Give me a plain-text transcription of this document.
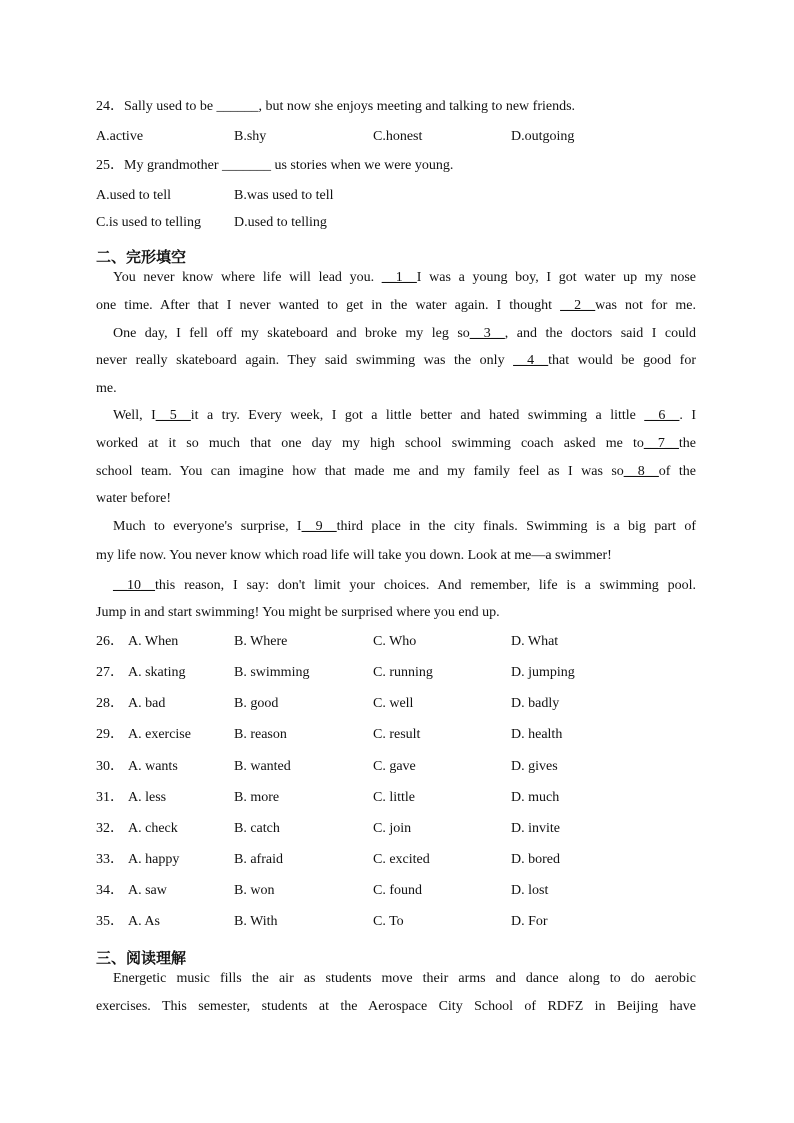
24．Sally used to be ______, but now she enjoys meeting and talking to new friends.
A.active	B.shy	C.honest	D.outgoing
25．My grandmother _______ us stories when we were young.
A.used to tell	B.was used to tell
C.is used to telling D.used to telling
二、完形填空
You never know where life will lead you. __1__I was a young boy, I got water up my nose
one time. After that I never wanted to get in the water again. I thought __2__was not for me.
One day, I fell off my skateboard and broke my leg so__3__, and the doctors said I could
never really skateboard again. They said swimming was the only __4__that would be good for
me.
Well, I__5__it a try. Every week, I got a little better and hated swimming a little __6__. I
worked at it so much that one day my high school swimming coach asked me to__7__the
school team. You can imagine how that made me and my family feel as I was so__8__of the
water before!
Much to everyone's surprise, I__9__third place in the city finals. Swimming is a big part of
my life now. You never know which road life will take you down. Look at me—a swimmer!
__10__this reason, I say: don't limit your choices. And remember, life is a swimming pool.
Jump in and start swimming! You might be surprised where you end up.
26． A. When	B. Where	C. Who	D. What
27． A. skating	B. swimming	C. running	D. jumping
28． A. bad	B. good	C. well	D. badly
29． A. exercise	B. reason	C. result	D. health
30． A. wants	B. wanted	C. gave	D. gives
31． A. less	B. more	C. little	D. much
32． A. check	B. catch	C. join	D. invite
33． A. happy	B. afraid	C. excited	D. bored
34． A. saw	B. won	C. found	D. lost
35． A. As	B. With	C. To	D. For
三、阅读理解
Energetic music fills the air as students move their arms and dance along to do aerobic
exercises. This semester, students at the Aerospace City School of RDFZ in Beijing have
